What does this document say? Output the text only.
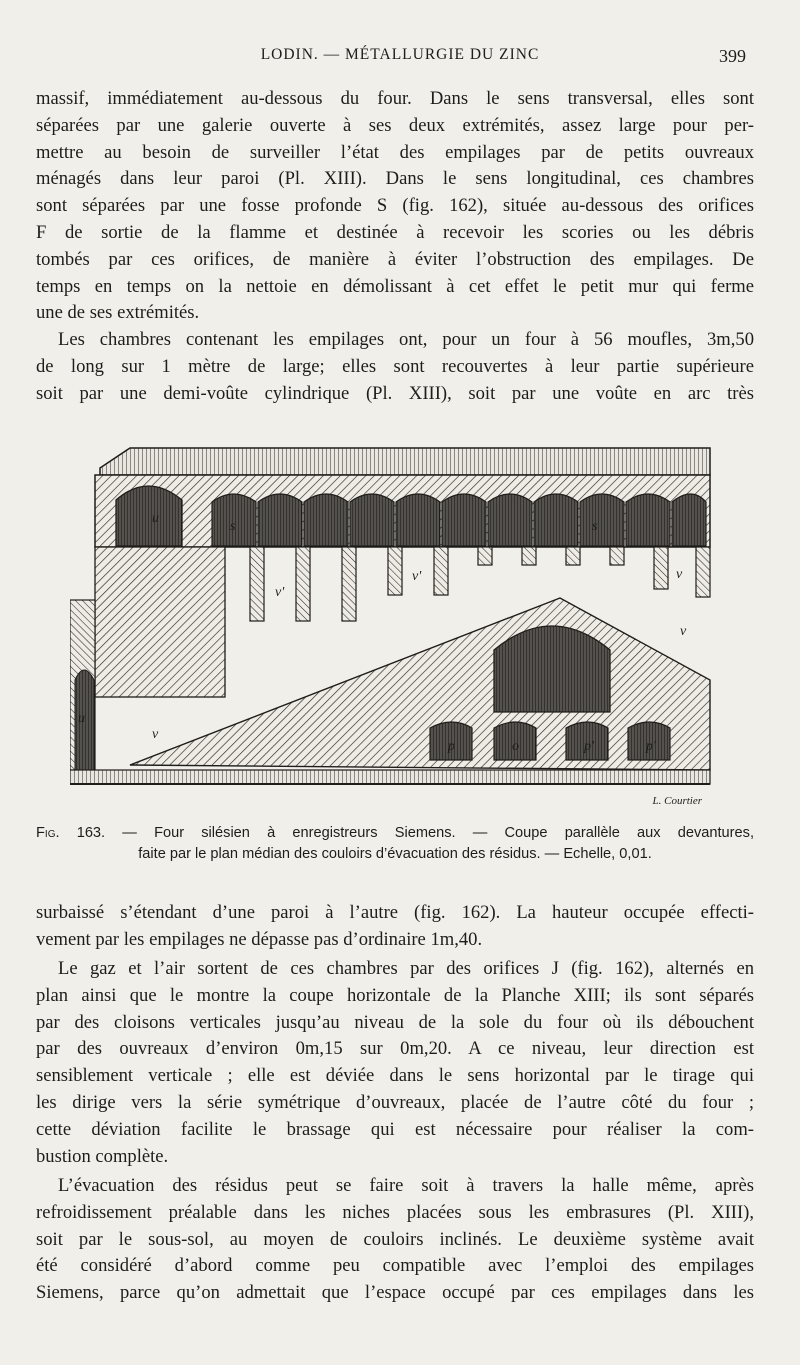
LODIN. — MÉTALLURGIE DU ZINC	399

massif, immédiatement au-dessous du four. Dans le sens transversal, elles sont
séparées par une galerie ouverte à ses deux extrémités, assez large pour per-
mettre au besoin de surveiller l’état des empilages par de petits ouvreaux
ménagés dans leur paroi (Pl. XIII). Dans le sens longitudinal, ces chambres
sont séparées par une fosse profonde S (fig. 162), située au-dessous des orifices
F de sortie de la flamme et destinée à recevoir les scories ou les débris
tombés par ces orifices, de manière à éviter l’obstruction des empilages. De
temps en temps on la nettoie en démolissant à cet effet le petit mur qui ferme
une de ses extrémités.

Les chambres contenant les empilages ont, pour un four à 56 moufles, 3m,50
de long sur 1 mètre de large; elles sont recouvertes à leur partie supérieure
soit par une demi-voûte cylindrique (Pl. XIII), soit par une voûte en arc très

u
s	s
v'
v'	v
v
v
p	o	p'	p'
u
L. Courtier
Fig. 163. — Four silésien à enregistreurs Siemens. — Coupe parallèle aux devantures,
faite par le plan médian des couloirs d’évacuation des résidus. — Echelle, 0,01.

surbaissé s’étendant d’une paroi à l’autre (fig. 162). La hauteur occupée effecti-
vement par les empilages ne dépasse pas d’ordinaire 1m,40.

Le gaz et l’air sortent de ces chambres par des orifices J (fig. 162), alternés en
plan ainsi que le montre la coupe horizontale de la Planche XIII; ils sont séparés
par des cloisons verticales jusqu’au niveau de la sole du four où ils débouchent
par des ouvreaux d’environ 0m,15 sur 0m,20. A ce niveau, leur direction est
sensiblement verticale ; elle est déviée dans le sens horizontal par le tirage qui
les dirige vers la série symétrique d’ouvreaux, placée de l’autre côté du four ;
cette déviation facilite le brassage qui est nécessaire pour réaliser la com-
bustion complète.

L’évacuation des résidus peut se faire soit à travers la halle même, après
refroidissement préalable dans les niches placées sous les embrasures (Pl. XIII),
soit par le sous-sol, au moyen de couloirs inclinés. Le deuxième système avait
été considéré d’abord comme peu compatible avec l’emploi des empilages
Siemens, parce qu’on admettait que l’espace occupé par ces empilages dans les
